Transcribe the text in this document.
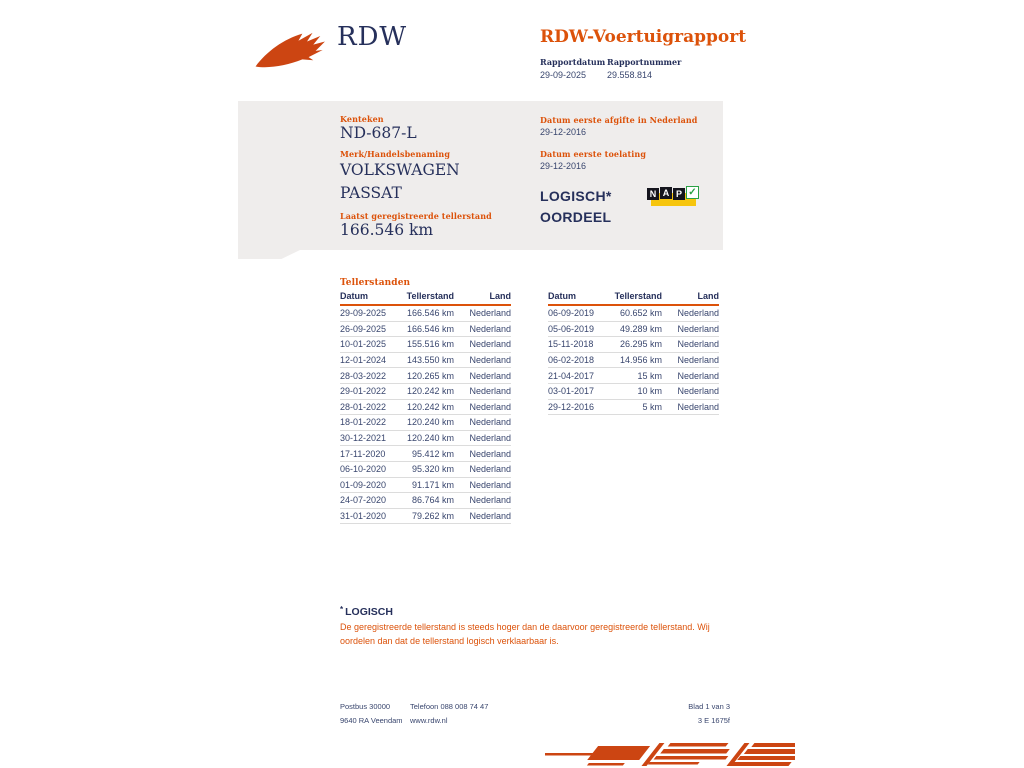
RDW	RDW-Voertuigrapport
Rapportdatum
29-09-2025
Rapportnummer
29.558.814
Kenteken
ND-687-L
Merk/Handelsbenaming
VOLKSWAGEN
PASSAT
Laatst geregistreerde tellerstand
166.546 km
Datum eerste afgifte in Nederland
29-12-2016
Datum eerste toelating
29-12-2016
LOGISCH*
OORDEEL
N A P ✓
Tellerstanden
Datum	Tellerstand	Land
29-09-2025	166.546 km	Nederland
26-09-2025	166.546 km	Nederland
10-01-2025	155.516 km	Nederland
12-01-2024	143.550 km	Nederland
28-03-2022	120.265 km	Nederland
29-01-2022	120.242 km	Nederland
28-01-2022	120.242 km	Nederland
18-01-2022	120.240 km	Nederland
30-12-2021	120.240 km	Nederland
17-11-2020	95.412 km	Nederland
06-10-2020	95.320 km	Nederland
01-09-2020	91.171 km	Nederland
24-07-2020	86.764 km	Nederland
31-01-2020	79.262 km	Nederland
Datum	Tellerstand	Land
06-09-2019	60.652 km	Nederland
05-06-2019	49.289 km	Nederland
15-11-2018	26.295 km	Nederland
06-02-2018	14.956 km	Nederland
21-04-2017	15 km	Nederland
03-01-2017	10 km	Nederland
29-12-2016	5 km	Nederland
* LOGISCH
De geregistreerde tellerstand is steeds hoger dan de daarvoor geregistreerde tellerstand. Wij oordelen dan dat de tellerstand logisch verklaarbaar is.
Postbus 30000
9640 RA Veendam
Telefoon 088 008 74 47
www.rdw.nl
Blad 1 van 3
3 E 1675f
